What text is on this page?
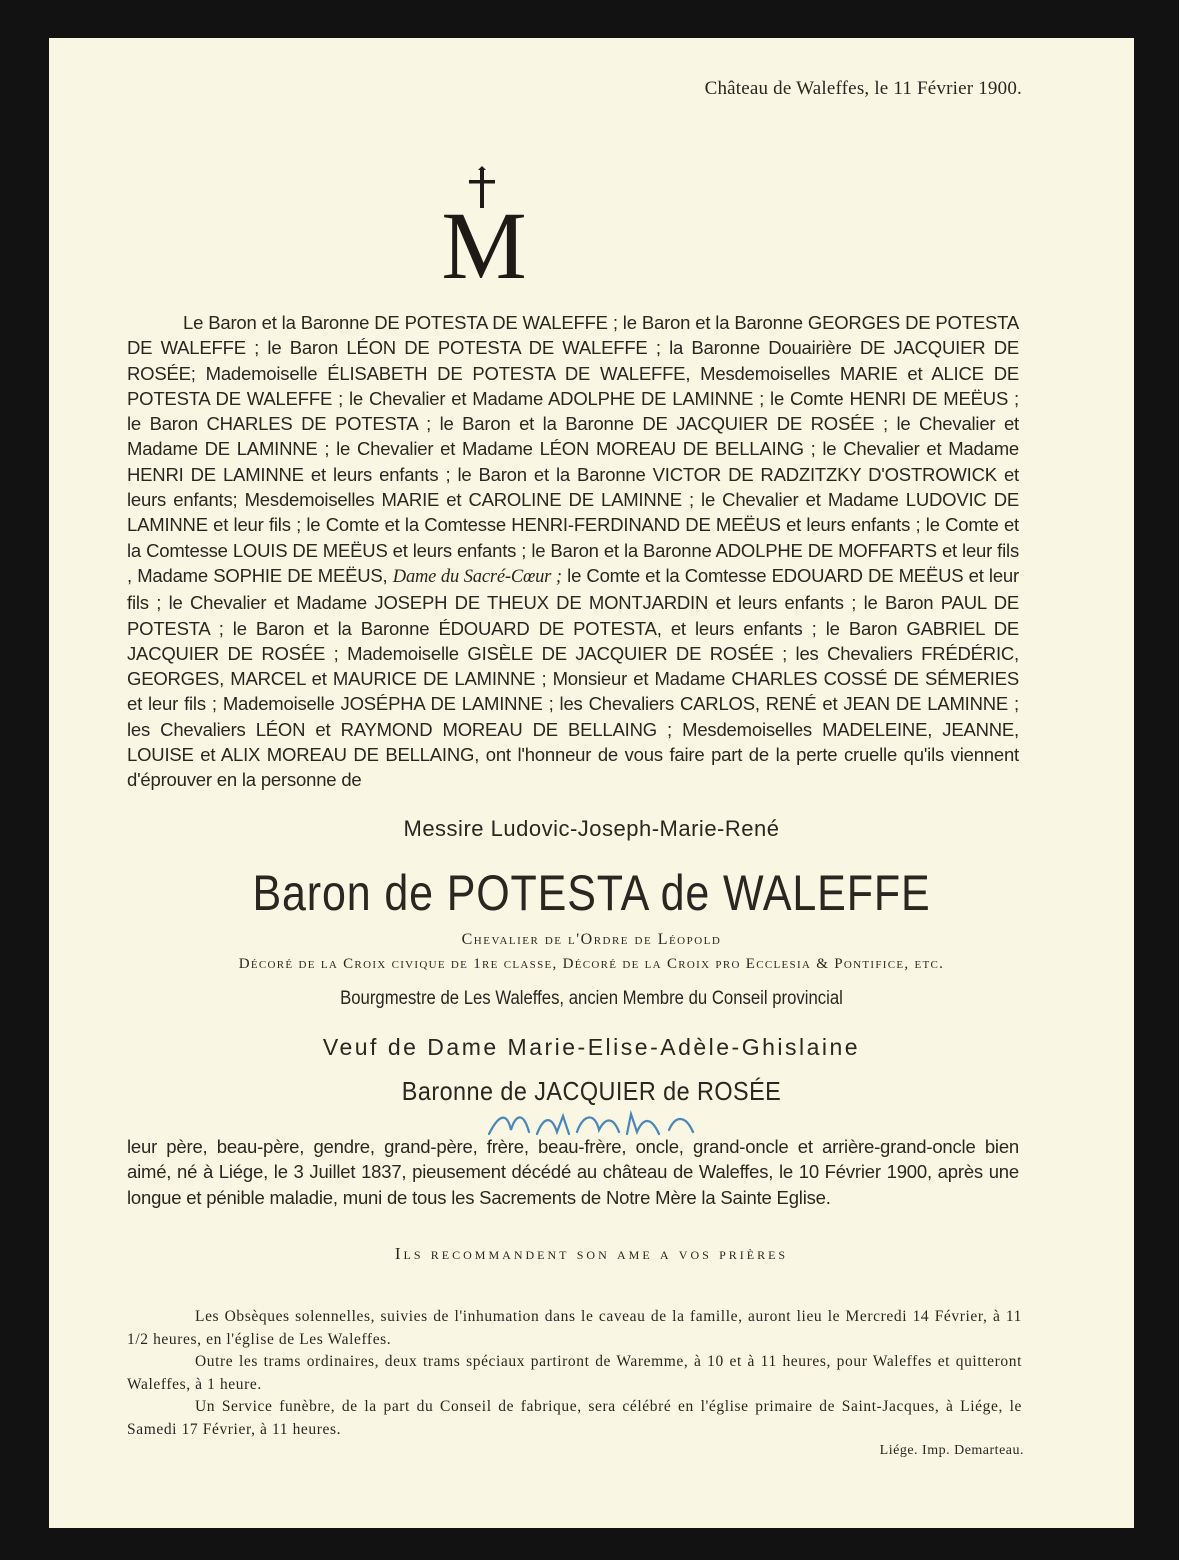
Château de Waleffes, le 11 Février 1900.
M

Le Baron et la Baronne DE POTESTA DE WALEFFE ; le Baron et la Baronne GEORGES DE POTESTA DE WALEFFE ; le Baron LÉON DE POTESTA DE WALEFFE ; la Baronne Douairière DE JACQUIER DE ROSÉE; Mademoiselle ÉLISABETH DE POTESTA DE WALEFFE, Mesdemoiselles MARIE et ALICE DE POTESTA DE WALEFFE ; le Chevalier et Madame ADOLPHE DE LAMINNE ; le Comte HENRI DE MEËUS ; le Baron CHARLES DE POTESTA ; le Baron et la Baronne DE JACQUIER DE ROSÉE ; le Chevalier et Madame DE LAMINNE ; le Chevalier et Madame LÉON MOREAU DE BELLAING ; le Chevalier et Madame HENRI DE LAMINNE et leurs enfants ; le Baron et la Baronne VICTOR DE RADZITZKY D'OSTROWICK et leurs enfants; Mesdemoiselles MARIE et CAROLINE DE LAMINNE ; le Chevalier et Madame LUDOVIC DE LAMINNE et leur fils ; le Comte et la Comtesse HENRI-FERDINAND DE MEËUS et leurs enfants ; le Comte et la Comtesse LOUIS DE MEËUS et leurs enfants ; le Baron et la Baronne ADOLPHE DE MOFFARTS et leur fils , Madame SOPHIE DE MEËUS, Dame du Sacré-Cœur ; le Comte et la Comtesse EDOUARD DE MEËUS et leur fils ; le Chevalier et Madame JOSEPH DE THEUX DE MONTJARDIN et leurs enfants ; le Baron PAUL DE POTESTA ; le Baron et la Baronne ÉDOUARD DE POTESTA, et leurs enfants ; le Baron GABRIEL DE JACQUIER DE ROSÉE ; Mademoiselle GISÈLE DE JACQUIER DE ROSÉE ; les Chevaliers FRÉDÉRIC, GEORGES, MARCEL et MAURICE DE LAMINNE ; Monsieur et Madame CHARLES COSSÉ DE SÉMERIES et leur fils ; Mademoiselle JOSÉPHA DE LAMINNE ; les Chevaliers CARLOS, RENÉ et JEAN DE LAMINNE ; les Chevaliers LÉON et RAYMOND MOREAU DE BELLAING ; Mesdemoiselles MADELEINE, JEANNE, LOUISE et ALIX MOREAU DE BELLAING, ont l'honneur de vous faire part de la perte cruelle qu'ils viennent d'éprouver en la personne de

Messire Ludovic-Joseph-Marie-René
Baron de POTESTA de WALEFFE
Chevalier de l'Ordre de Léopold
Décoré de la Croix civique de 1re classe, Décoré de la Croix pro Ecclesia & Pontifice, etc.
Bourgmestre de Les Waleffes, ancien Membre du Conseil provincial
Veuf de Dame Marie-Elise-Adèle-Ghislaine
Baronne de JACQUIER de ROSÉE

leur père, beau-père, gendre, grand-père, frère, beau-frère, oncle, grand-oncle et arrière-grand-oncle bien aimé, né à Liége, le 3 Juillet 1837, pieusement décédé au château de Waleffes, le 10 Février 1900, après une longue et pénible maladie, muni de tous les Sacrements de Notre Mère la Sainte Eglise.

Ils recommandent son ame a vos prières

Les Obsèques solennelles, suivies de l'inhumation dans le caveau de la famille, auront lieu le Mercredi 14 Février, à 11 1/2 heures, en l'église de Les Waleffes.

Outre les trams ordinaires, deux trams spéciaux partiront de Waremme, à 10 et à 11 heures, pour Waleffes et quitteront Waleffes, à 1 heure.

Un Service funèbre, de la part du Conseil de fabrique, sera célébré en l'église primaire de Saint-Jacques, à Liége, le Samedi 17 Février, à 11 heures.

Liége. Imp. Demarteau.
